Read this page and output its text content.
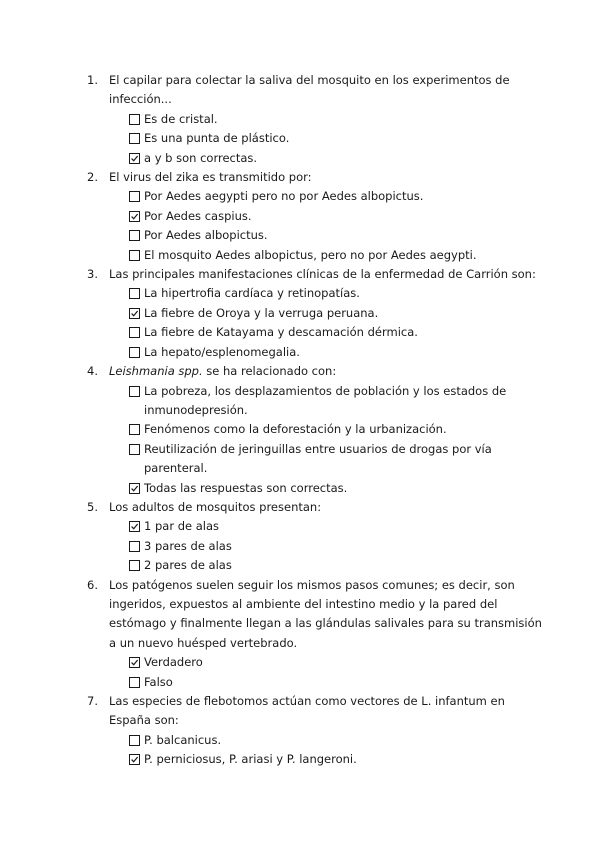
1. El capilar para colectar la saliva del mosquito en los experimentos de infección...
Es de cristal.
Es una punta de plástico.
a y b son correctas.
2. El virus del zika es transmitido por:
Por Aedes aegypti pero no por Aedes albopictus.
Por Aedes caspius.
Por Aedes albopictus.
El mosquito Aedes albopictus, pero no por Aedes aegypti.
3. Las principales manifestaciones clínicas de la enfermedad de Carrión son:
La hipertrofia cardíaca y retinopatías.
La fiebre de Oroya y la verruga peruana.
La fiebre de Katayama y descamación dérmica.
La hepato/esplenomegalia.
4. Leishmania spp. se ha relacionado con:
La pobreza, los desplazamientos de población y los estados de inmunodepresión.
Fenómenos como la deforestación y la urbanización.
Reutilización de jeringuillas entre usuarios de drogas por vía parenteral.
Todas las respuestas son correctas.
5. Los adultos de mosquitos presentan:
1 par de alas
3 pares de alas
2 pares de alas
6. Los patógenos suelen seguir los mismos pasos comunes; es decir, son ingeridos, expuestos al ambiente del intestino medio y la pared del estómago y finalmente llegan a las glándulas salivales para su transmisión a un nuevo huésped vertebrado.
Verdadero
Falso
7. Las especies de flebotomos actúan como vectores de L. infantum en España son:
P. balcanicus.
P. perniciosus, P. ariasi y P. langeroni.
